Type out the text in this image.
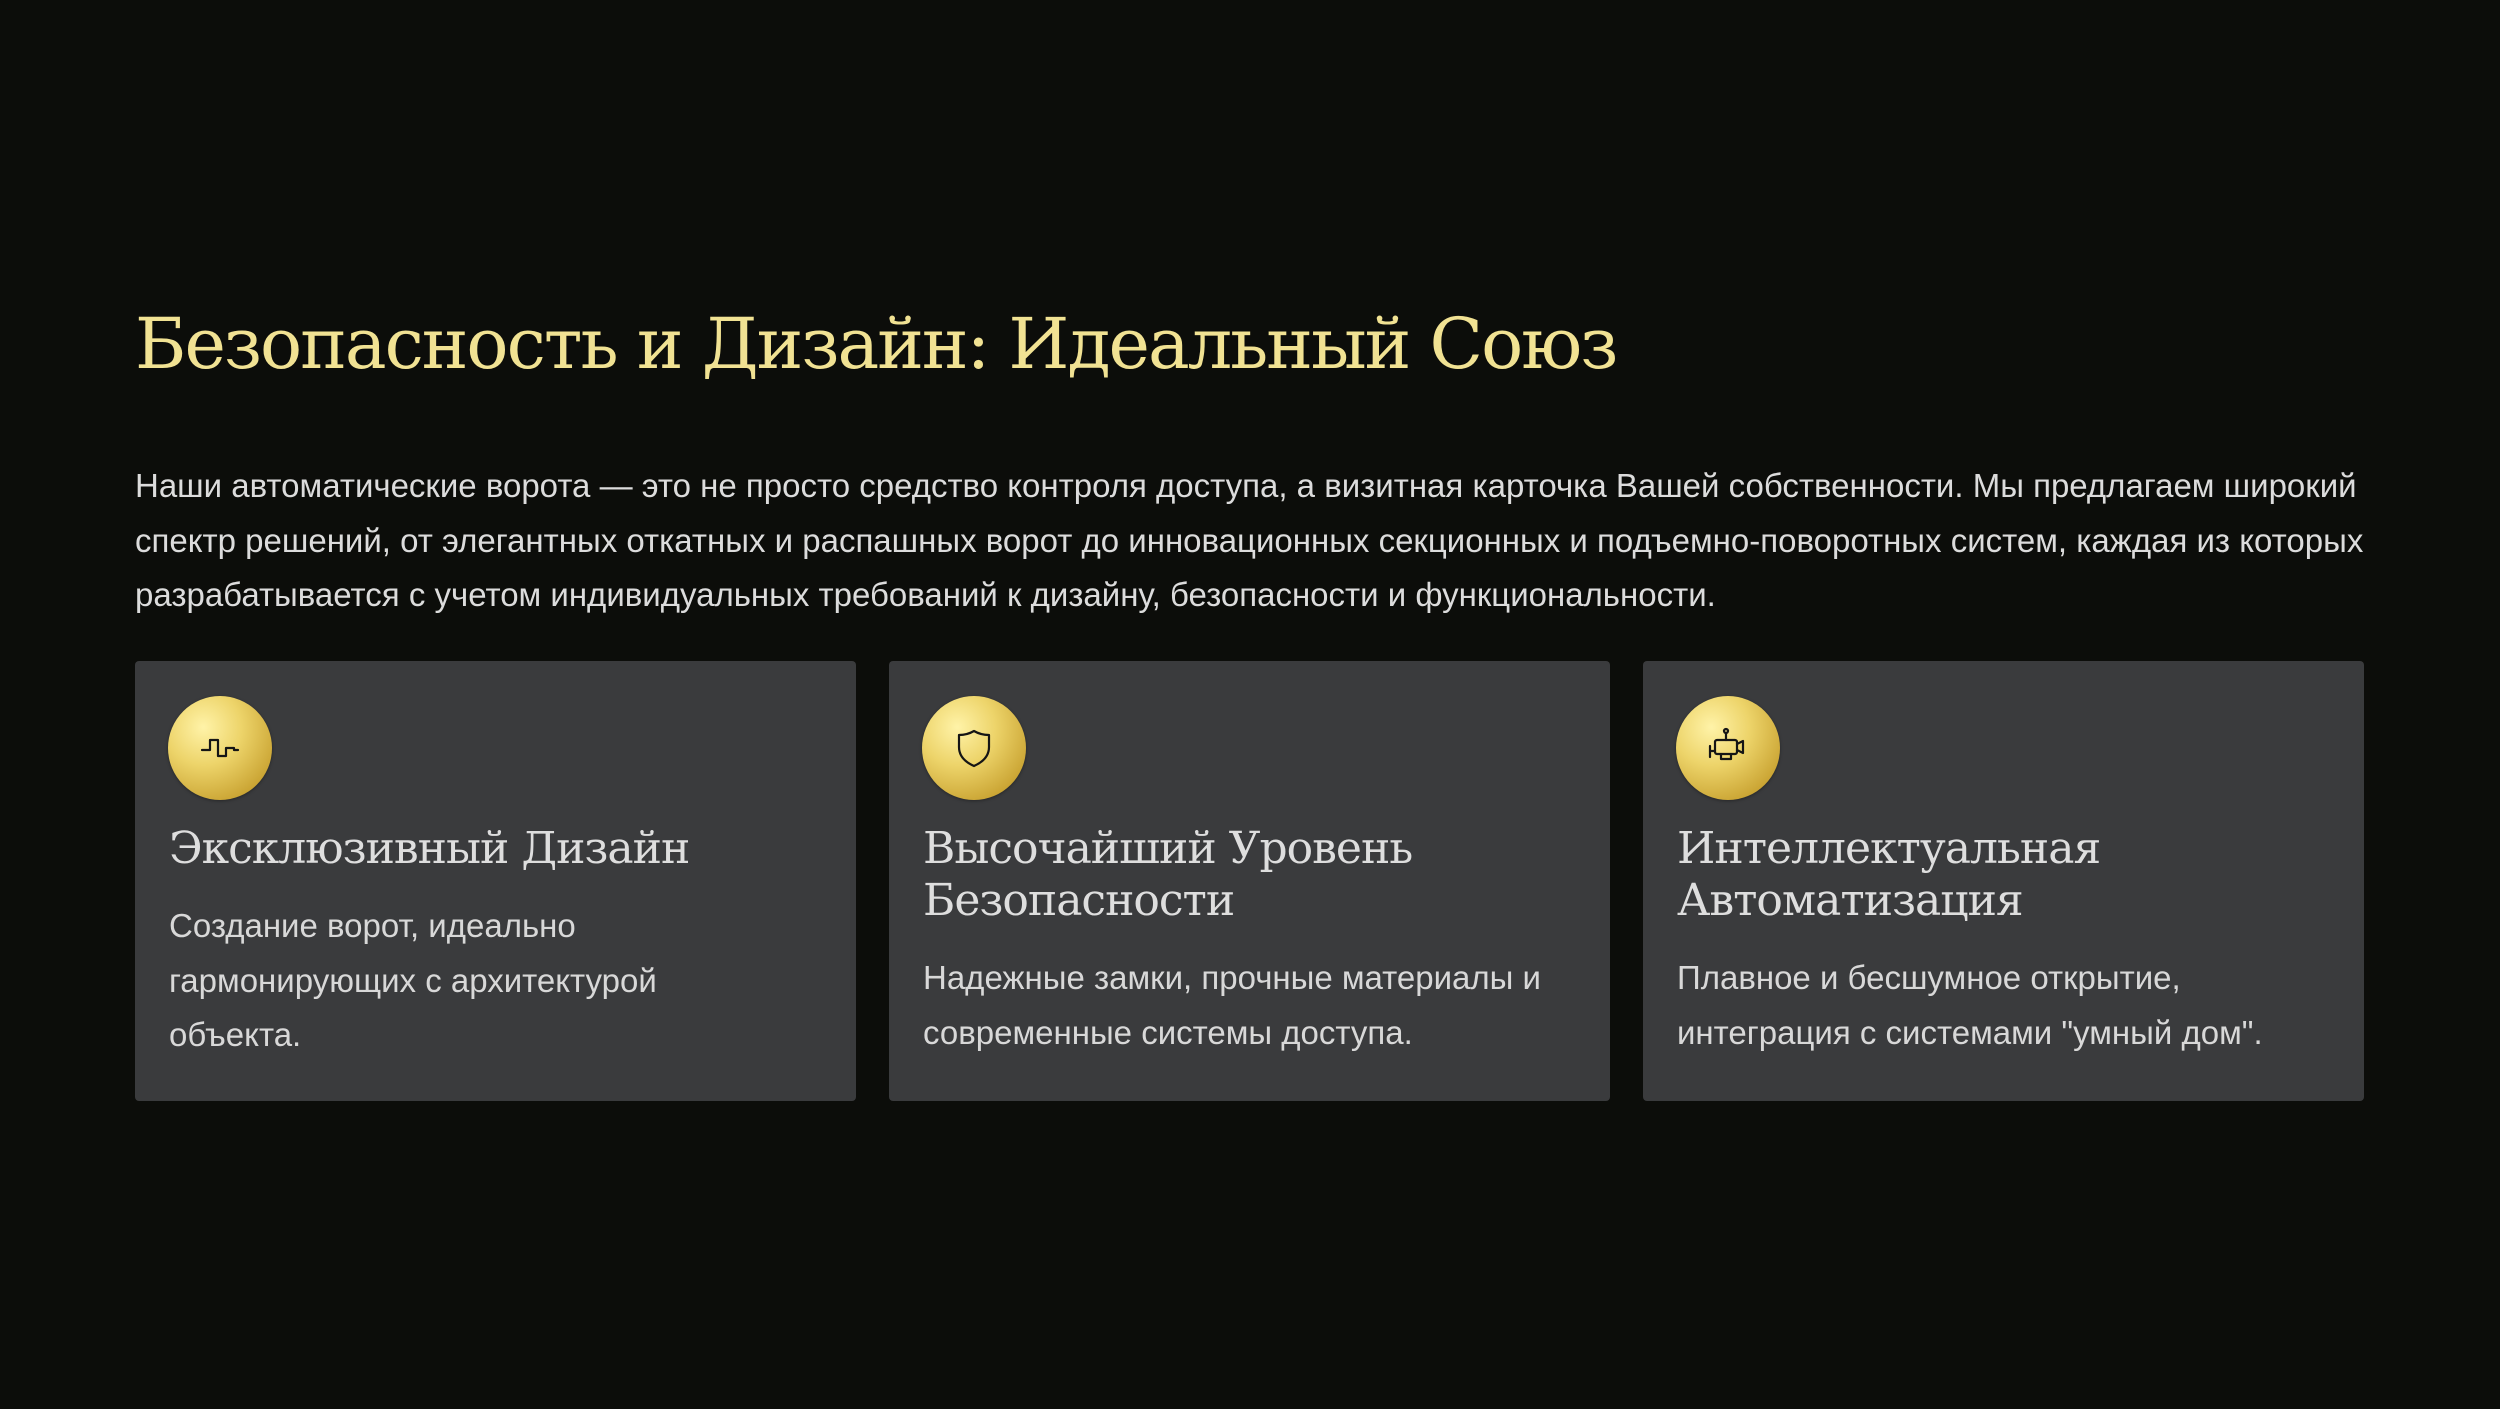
Безопасность и Дизайн: Идеальный Союз

Наши автоматические ворота — это не просто средство контроля доступа, а визитная карточка Вашей собственности. Мы предлагаем широкий спектр решений, от элегантных откатных и распашных ворот до инновационных секционных и подъемно-поворотных систем, каждая из которых разрабатывается с учетом индивидуальных требований к дизайну, безопасности и функциональности.

Эксклюзивный Дизайн

Создание ворот, идеально гармонирующих с архитектурой объекта.

Высочайший Уровень Безопасности

Надежные замки, прочные материалы и современные системы доступа.

Интеллектуальная Автоматизация

Плавное и бесшумное открытие, интеграция с системами "умный дом".
